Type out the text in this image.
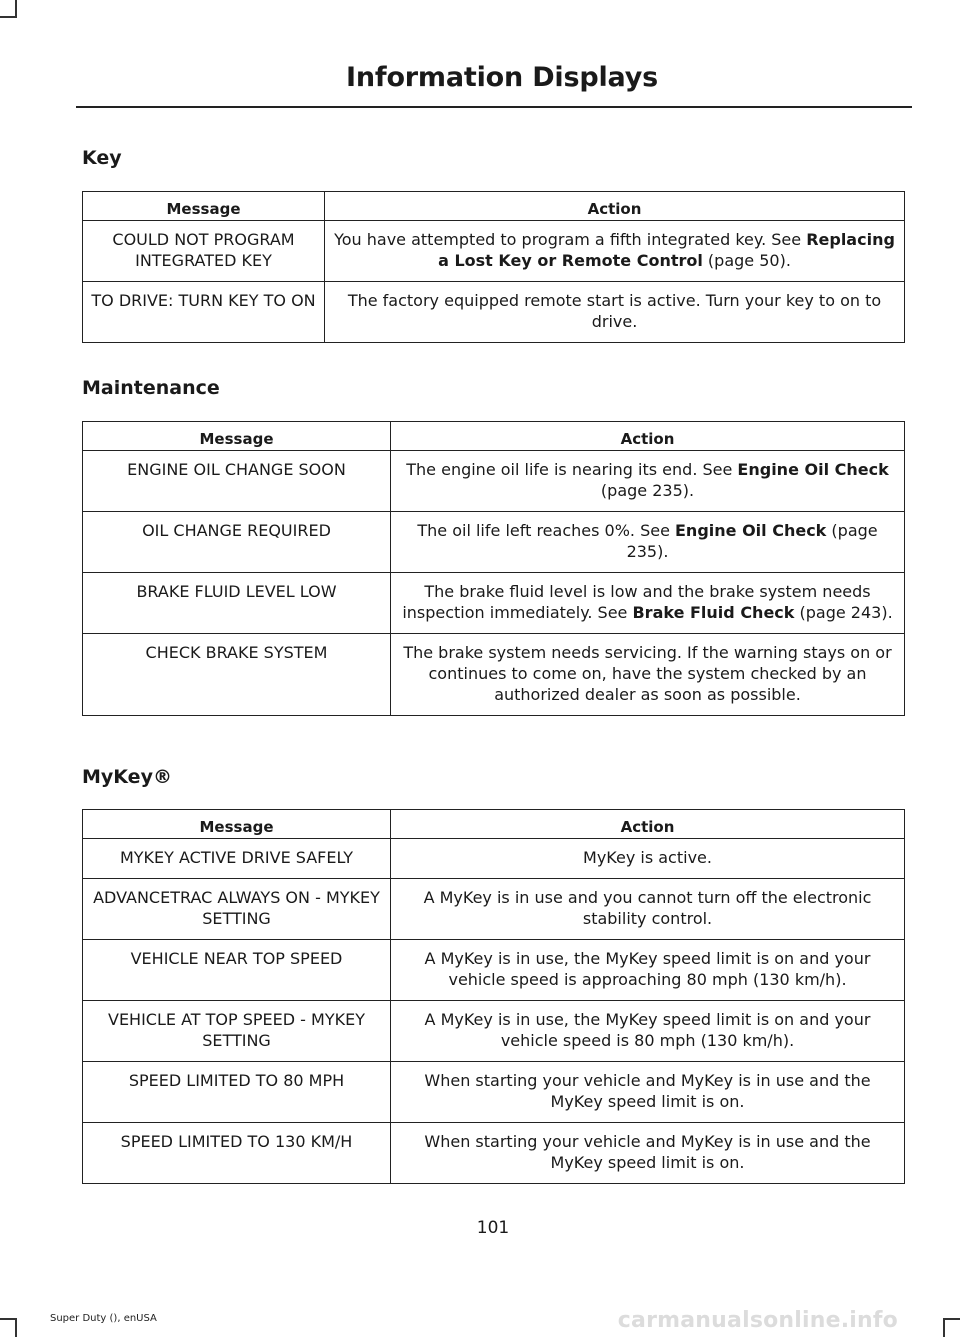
Information Displays
Key
Message	Action
COULD NOT PROGRAM INTEGRATED KEY	You have attempted to program a fifth integrated key. See Replacing a Lost Key or Remote Control (page 50).
TO DRIVE: TURN KEY TO ON	The factory equipped remote start is active. Turn your key to on to drive.
Maintenance
Message	Action
ENGINE OIL CHANGE SOON	The engine oil life is nearing its end. See Engine Oil Check (page 235).
OIL CHANGE REQUIRED	The oil life left reaches 0%. See Engine Oil Check (page 235).
BRAKE FLUID LEVEL LOW	The brake fluid level is low and the brake system needs inspection immediately. See Brake Fluid Check (page 243).
CHECK BRAKE SYSTEM	The brake system needs servicing. If the warning stays on or continues to come on, have the system checked by an authorized dealer as soon as possible.
MyKey®
Message	Action
MYKEY ACTIVE DRIVE SAFELY	MyKey is active.
ADVANCETRAC ALWAYS ON - MYKEY SETTING	A MyKey is in use and you cannot turn off the electronic stability control.
VEHICLE NEAR TOP SPEED	A MyKey is in use, the MyKey speed limit is on and your vehicle speed is approaching 80 mph (130 km/h).
VEHICLE AT TOP SPEED - MYKEY SETTING	A MyKey is in use, the MyKey speed limit is on and your vehicle speed is 80 mph (130 km/h).
SPEED LIMITED TO 80 MPH	When starting your vehicle and MyKey is in use and the MyKey speed limit is on.
SPEED LIMITED TO 130 KM/H	When starting your vehicle and MyKey is in use and the MyKey speed limit is on.
101
Super Duty (), enUSA	carmanualsonline.info
